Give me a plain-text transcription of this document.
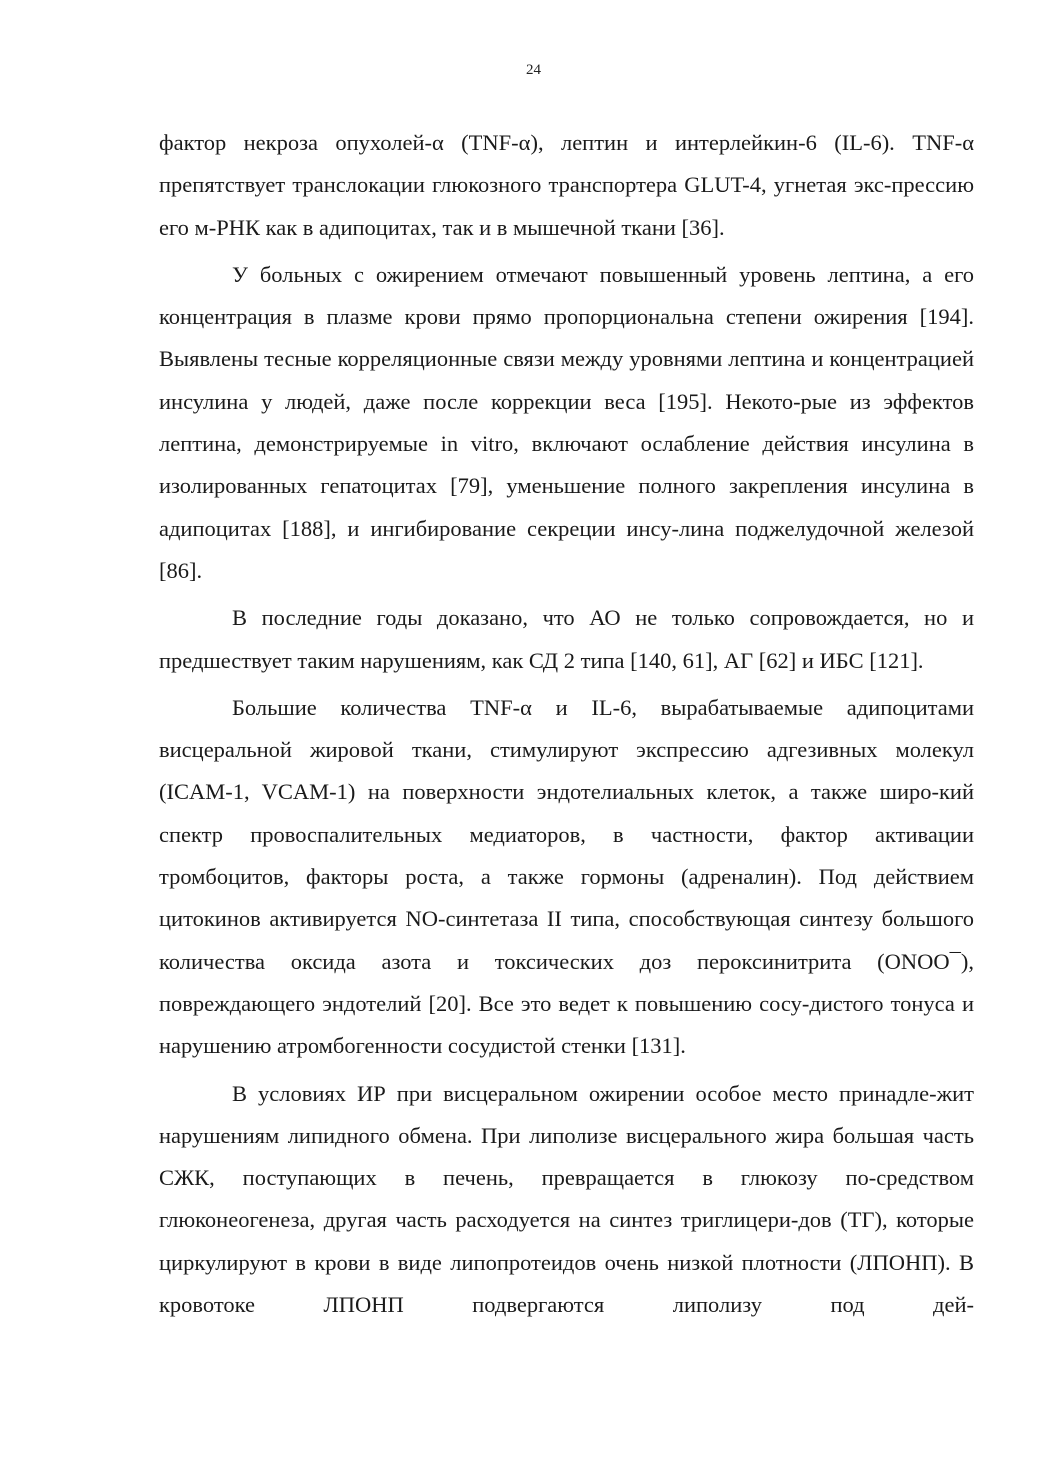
24

фактор некроза опухолей-α (TNF-α), лептин и интерлейкин-6 (IL-6). TNF-α препятствует транслокации глюкозного транспортера GLUT-4, угнетая экс-прессию его м-РНК как в адипоцитах, так и в мышечной ткани [36].

У больных с ожирением отмечают повышенный уровень лептина, а его концентрация в плазме крови прямо пропорциональна степени ожирения [194]. Выявлены тесные корреляционные связи между уровнями лептина и концентрацией инсулина у людей, даже после коррекции веса [195]. Некото-рые из эффектов лептина, демонстрируемые in vitro, включают ослабление действия инсулина в изолированных гепатоцитах [79], уменьшение полного закрепления инсулина в адипоцитах [188], и ингибирование секреции инсу-лина поджелудочной железой [86].

В последние годы доказано, что АО не только сопровождается, но и предшествует таким нарушениям, как СД 2 типа [140, 61], АГ [62] и ИБС [121].

Большие количества TNF-α и IL-6, вырабатываемые адипоцитами висцеральной жировой ткани, стимулируют экспрессию адгезивных молекул (ICAM-1, VCAM-1) на поверхности эндотелиальных клеток, а также широ-кий спектр провоспалительных медиаторов, в частности, фактор активации тромбоцитов, факторы роста, а также гормоны (адреналин). Под действием цитокинов активируется NO-синтетаза II типа, способствующая синтезу большого количества оксида азота и токсических доз пероксинитрита (ONOO¯), повреждающего эндотелий [20]. Все это ведет к повышению сосу-дистого тонуса и нарушению атромбогенности сосудистой стенки [131].

В условиях ИР при висцеральном ожирении особое место принадле-жит нарушениям липидного обмена. При липолизе висцерального жира большая часть СЖК, поступающих в печень, превращается в глюкозу по-средством глюконеогенеза, другая часть расходуется на синтез триглицери-дов (ТГ), которые циркулируют в крови в виде липопротеидов очень низкой плотности (ЛПОНП). В кровотоке ЛПОНП подвергаются липолизу под дей-
